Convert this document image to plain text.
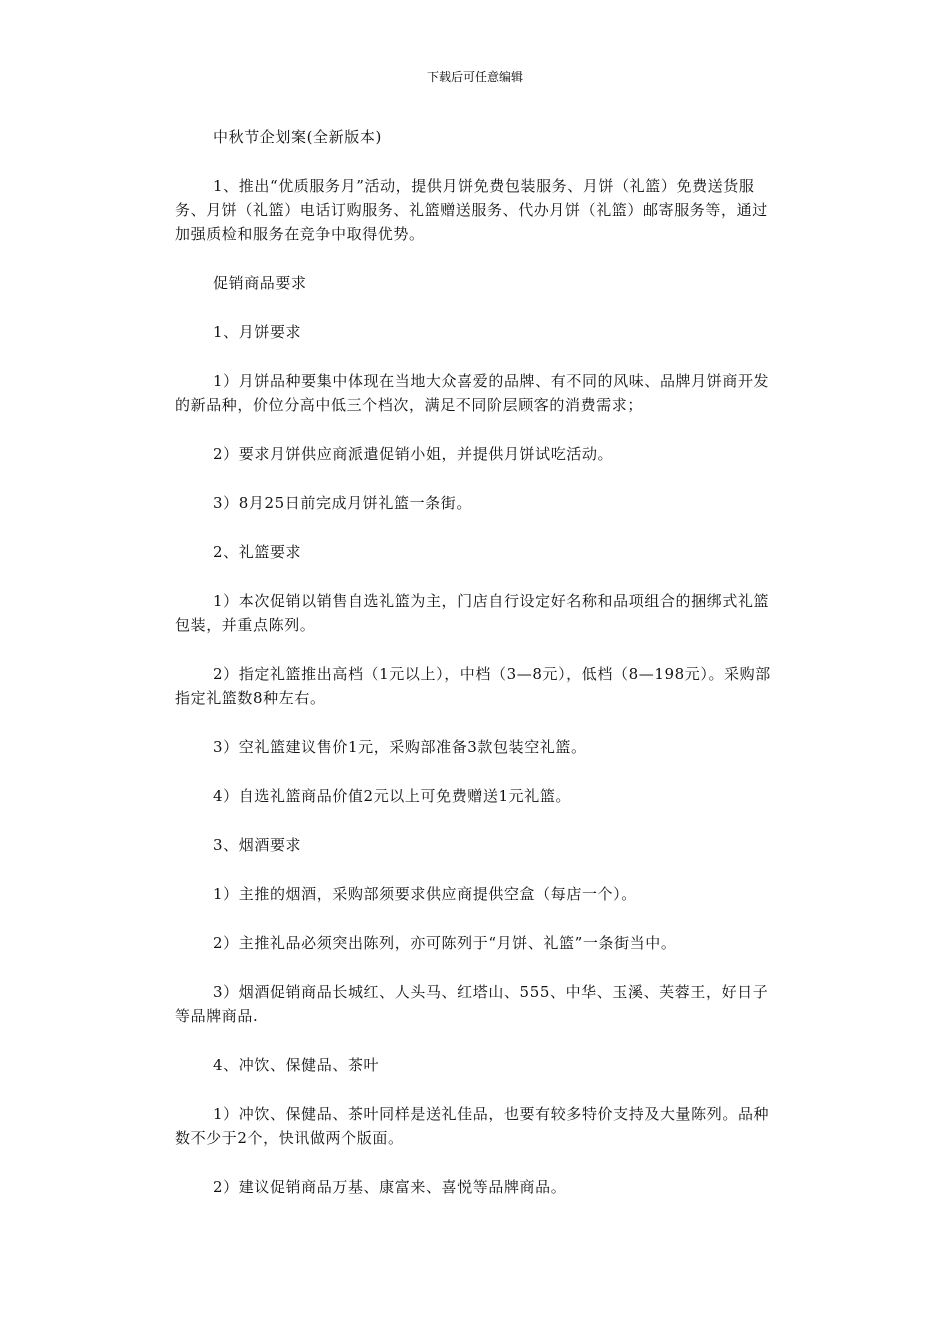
下载后可任意编辑

中秋节企划案(全新版本)

1、推出“优质服务月”活动，提供月饼免费包装服务、月饼（礼篮）免费送货服务、月饼（礼篮）电话订购服务、礼篮赠送服务、代办月饼（礼篮）邮寄服务等，通过加强质检和服务在竞争中取得优势。

促销商品要求

1、月饼要求

1）月饼品种要集中体现在当地大众喜爱的品牌、有不同的风味、品牌月饼商开发的新品种，价位分高中低三个档次，满足不同阶层顾客的消费需求；

2）要求月饼供应商派遣促销小姐，并提供月饼试吃活动。

3）8月25日前完成月饼礼篮一条街。

2、礼篮要求

1）本次促销以销售自选礼篮为主，门店自行设定好名称和品项组合的捆绑式礼篮包装，并重点陈列。

2）指定礼篮推出高档（1元以上），中档（3—8元），低档（8—198元）。采购部指定礼篮数8种左右。

3）空礼篮建议售价1元，采购部准备3款包装空礼篮。

4）自选礼篮商品价值2元以上可免费赠送1元礼篮。

3、烟酒要求

1）主推的烟酒，采购部须要求供应商提供空盒（每店一个）。

2）主推礼品必须突出陈列，亦可陈列于“月饼、礼篮”一条街当中。

3）烟酒促销商品长城红、人头马、红塔山、555、中华、玉溪、芙蓉王，好日子等品牌商品.

4、冲饮、保健品、茶叶

1）冲饮、保健品、茶叶同样是送礼佳品，也要有较多特价支持及大量陈列。品种数不少于2个，快讯做两个版面。

2）建议促销商品万基、康富来、喜悦等品牌商品。
